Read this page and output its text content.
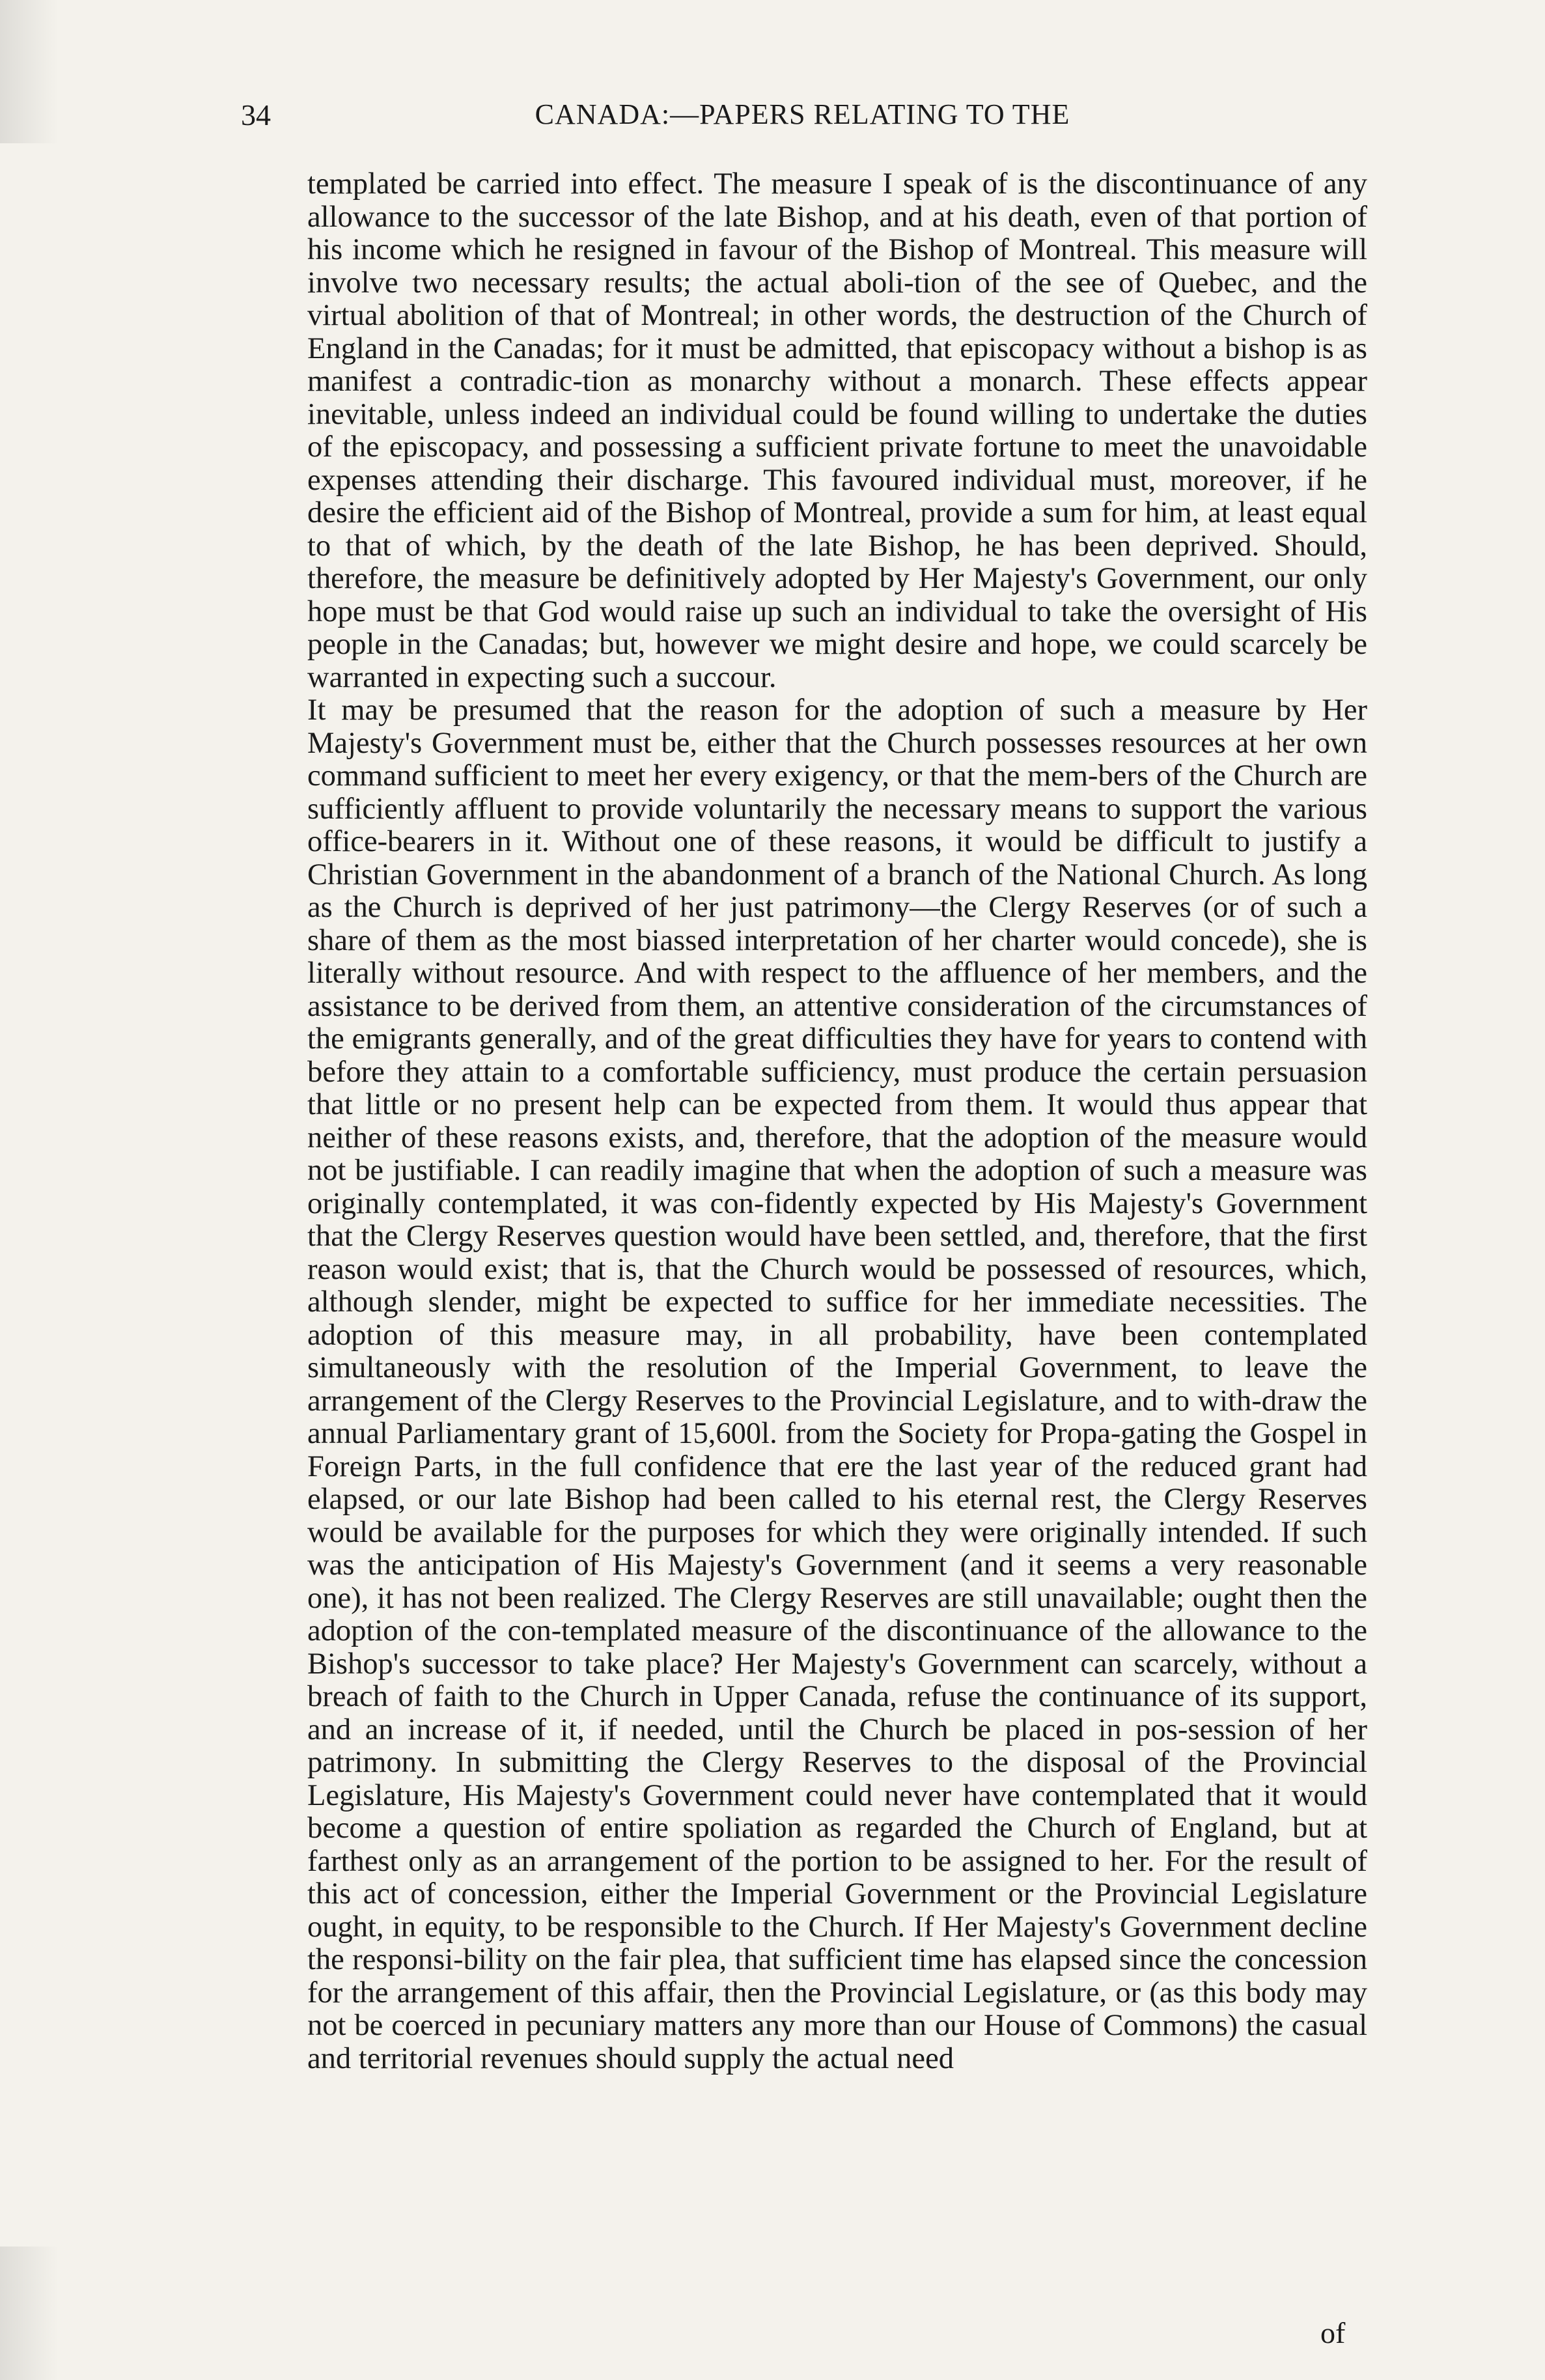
34	CANADA:—PAPERS RELATING TO THE

templated be carried into effect. The measure I speak of is the discontinuance of any allowance to the successor of the late Bishop, and at his death, even of that portion of his income which he resigned in favour of the Bishop of Montreal. This measure will involve two necessary results; the actual aboli-tion of the see of Quebec, and the virtual abolition of that of Montreal; in other words, the destruction of the Church of England in the Canadas; for it must be admitted, that episcopacy without a bishop is as manifest a contradic-tion as monarchy without a monarch. These effects appear inevitable, unless indeed an individual could be found willing to undertake the duties of the episcopacy, and possessing a sufficient private fortune to meet the unavoidable expenses attending their discharge. This favoured individual must, moreover, if he desire the efficient aid of the Bishop of Montreal, provide a sum for him, at least equal to that of which, by the death of the late Bishop, he has been deprived. Should, therefore, the measure be definitively adopted by Her Majesty's Government, our only hope must be that God would raise up such an individual to take the oversight of His people in the Canadas; but, however we might desire and hope, we could scarcely be warranted in expecting such a succour.

It may be presumed that the reason for the adoption of such a measure by Her Majesty's Government must be, either that the Church possesses resources at her own command sufficient to meet her every exigency, or that the mem-bers of the Church are sufficiently affluent to provide voluntarily the necessary means to support the various office-bearers in it. Without one of these reasons, it would be difficult to justify a Christian Government in the abandonment of a branch of the National Church. As long as the Church is deprived of her just patrimony—the Clergy Reserves (or of such a share of them as the most biassed interpretation of her charter would concede), she is literally without resource. And with respect to the affluence of her members, and the assistance to be derived from them, an attentive consideration of the circumstances of the emigrants generally, and of the great difficulties they have for years to contend with before they attain to a comfortable sufficiency, must produce the certain persuasion that little or no present help can be expected from them. It would thus appear that neither of these reasons exists, and, therefore, that the adoption of the measure would not be justifiable. I can readily imagine that when the adoption of such a measure was originally contemplated, it was con-fidently expected by His Majesty's Government that the Clergy Reserves question would have been settled, and, therefore, that the first reason would exist; that is, that the Church would be possessed of resources, which, although slender, might be expected to suffice for her immediate necessities. The adoption of this measure may, in all probability, have been contemplated simultaneously with the resolution of the Imperial Government, to leave the arrangement of the Clergy Reserves to the Provincial Legislature, and to with-draw the annual Parliamentary grant of 15,600l. from the Society for Propa-gating the Gospel in Foreign Parts, in the full confidence that ere the last year of the reduced grant had elapsed, or our late Bishop had been called to his eternal rest, the Clergy Reserves would be available for the purposes for which they were originally intended. If such was the anticipation of His Majesty's Government (and it seems a very reasonable one), it has not been realized. The Clergy Reserves are still unavailable; ought then the adoption of the con-templated measure of the discontinuance of the allowance to the Bishop's successor to take place? Her Majesty's Government can scarcely, without a breach of faith to the Church in Upper Canada, refuse the continuance of its support, and an increase of it, if needed, until the Church be placed in pos-session of her patrimony. In submitting the Clergy Reserves to the disposal of the Provincial Legislature, His Majesty's Government could never have contemplated that it would become a question of entire spoliation as regarded the Church of England, but at farthest only as an arrangement of the portion to be assigned to her. For the result of this act of concession, either the Imperial Government or the Provincial Legislature ought, in equity, to be responsible to the Church. If Her Majesty's Government decline the responsi-bility on the fair plea, that sufficient time has elapsed since the concession for the arrangement of this affair, then the Provincial Legislature, or (as this body may not be coerced in pecuniary matters any more than our House of Commons) the casual and territorial revenues should supply the actual need

of
